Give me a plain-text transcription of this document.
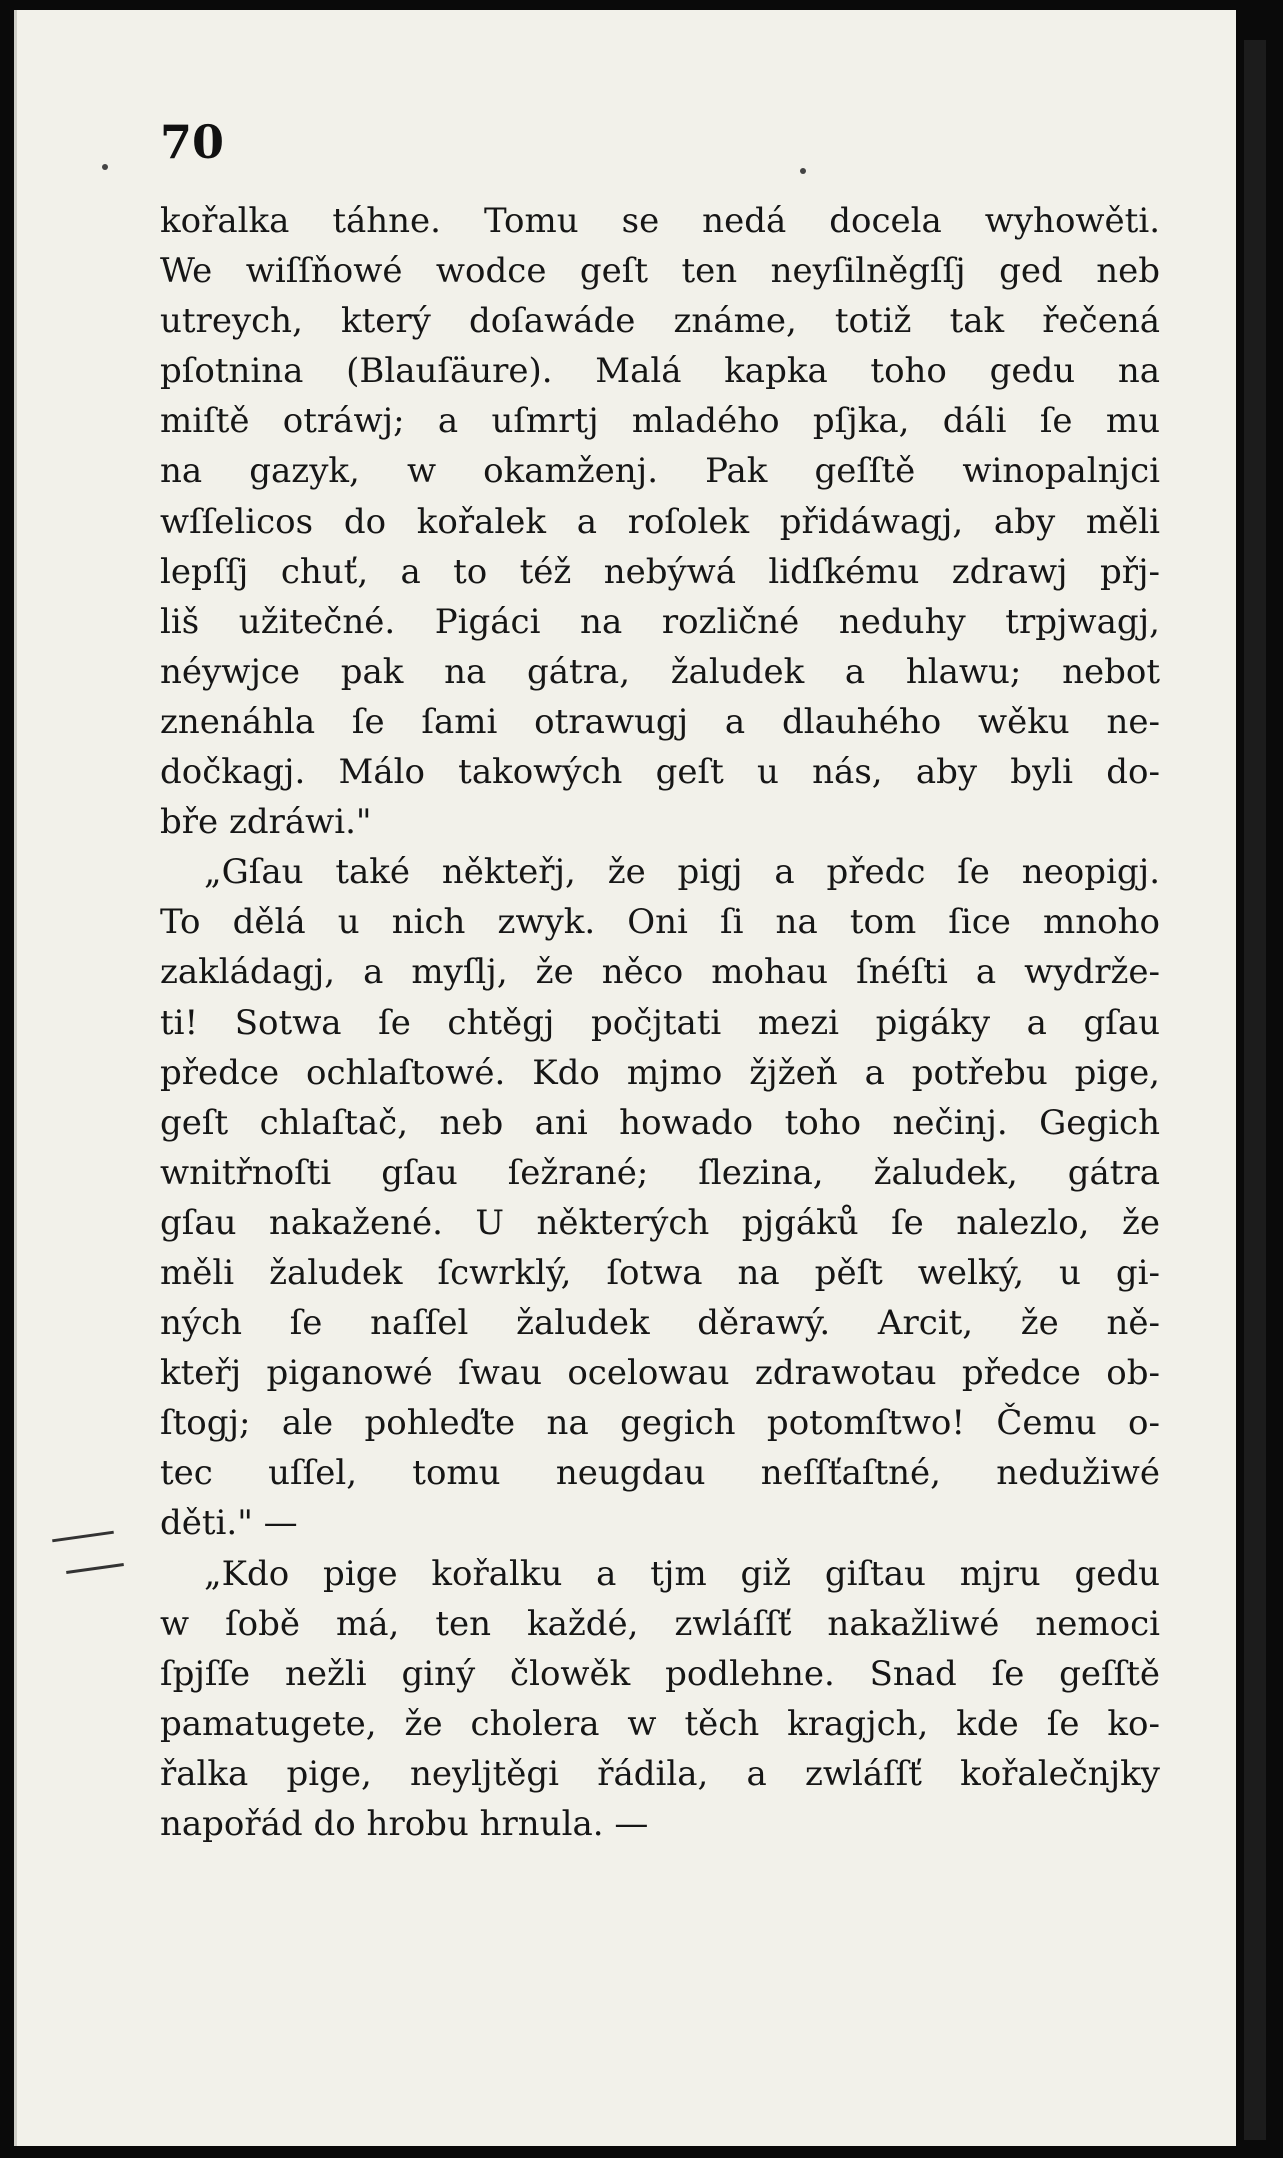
70

kořalka táhne. Tomu se nedá docela wyhowěti.
We wiſſňowé wodce geſt ten neyſilněgſſj ged neb
utreych, který doſawáde známe, totiž tak řečená
pſotnina (Blauſäure). Malá kapka toho gedu na
miſtě otráwj; a uſmrtj mladého pſjka, dáli ſe mu
na gazyk, w okamženj. Pak geſſtě winopalnjci
wſſelicos do kořalek a roſolek přidáwagj, aby měli
lepſſj chuť, a to též nebýwá lidſkému zdrawj přj-
liš užitečné. Pigáci na rozličné neduhy trpjwagj,
néywjce pak na gátra, žaludek a hlawu; nebot
znenáhla ſe ſami otrawugj a dlauhého wěku ne-
dočkagj. Málo takowých geſt u nás, aby byli do-
bře zdráwi."
„Gſau také někteřj, že pigj a předc ſe neopigj.
To dělá u nich zwyk. Oni ſi na tom ſice mnoho
zakládagj, a myſlj, že něco mohau ſnéſti a wydrže-
ti! Sotwa ſe chtěgj počjtati mezi pigáky a gſau
předce ochlaſtowé. Kdo mjmo žjžeň a potřebu pige,
geſt chlaſtač, neb ani howado toho nečinj. Gegich
wnitřnoſti gſau ſežrané; ſlezina, žaludek, gátra
gſau nakažené. U některých pjgáků ſe nalezlo, že
měli žaludek ſcwrklý, ſotwa na pěſt welký, u gi-
ných ſe naſſel žaludek děrawý. Arcit, že ně-
kteřj piganowé ſwau ocelowau zdrawotau předce ob-
ſtogj; ale pohleďte na gegich potomſtwo! Čemu o-
tec uſſel, tomu neugdau neſſťaſtné, nedužiwé
děti." —
„Kdo pige kořalku a tjm giž giſtau mjru gedu
w ſobě má, ten každé, zwláſſť nakažliwé nemoci
ſpjſſe nežli giný člowěk podlehne. Snad ſe geſſtě
pamatugete, že cholera w těch kragjch, kde ſe ko-
řalka pige, neyljtěgi řádila, a zwláſſť kořalečnjky
napořád do hrobu hrnula. —
